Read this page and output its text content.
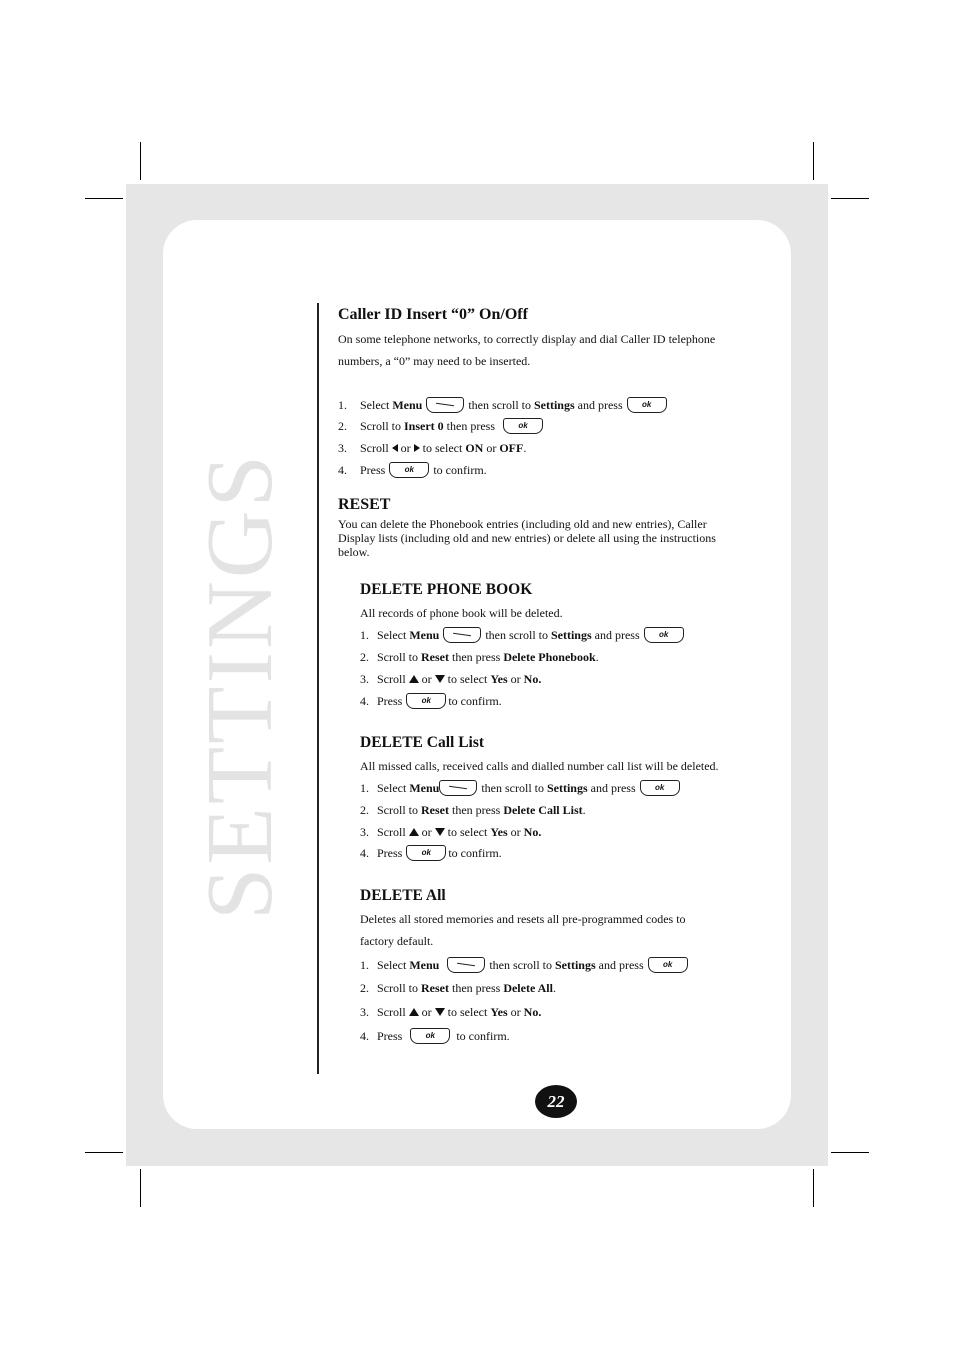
SETTINGS
Caller ID Insert “0” On/Off
On some telephone networks, to correctly display and dial Caller ID telephone
numbers, a “0” may need to be inserted.
1.	Select
Menu	then scroll to
Settings
and press	ok
2.	Scroll to
Insert 0
then press	ok
3.	Scroll or to select
ON
or
OFF .
4.	Press	ok	to confirm.
RESET
You can delete the Phonebook entries (including old and new entries), Caller Display lists (including old and new entries) or delete all using the instructions below.
DELETE PHONE BOOK
All records of phone book will be deleted.
1. Select
Menu	then scroll to
Settings
and press	ok
2. Scroll to
Reset
then press
Delete Phonebook .
3. Scroll or to select
Yes
or
No.
4. Press	ok	to confirm.
DELETE Call List
All missed calls, received calls and dialled number call list will be deleted.
1. Select
Menu	then scroll to
Settings
and press	ok
2. Scroll to
Reset
then press
Delete Call List .
3. Scroll or to select
Yes
or
No.
4. Press	ok	to confirm.
DELETE All
Deletes all stored memories and resets all pre-programmed codes to
factory default.
1. Select
Menu	then scroll to
Settings
and press	ok
2. Scroll to
Reset
then press
Delete All .
3. Scroll or to select
Yes
or
No.
4. Press	ok	to confirm.
22
